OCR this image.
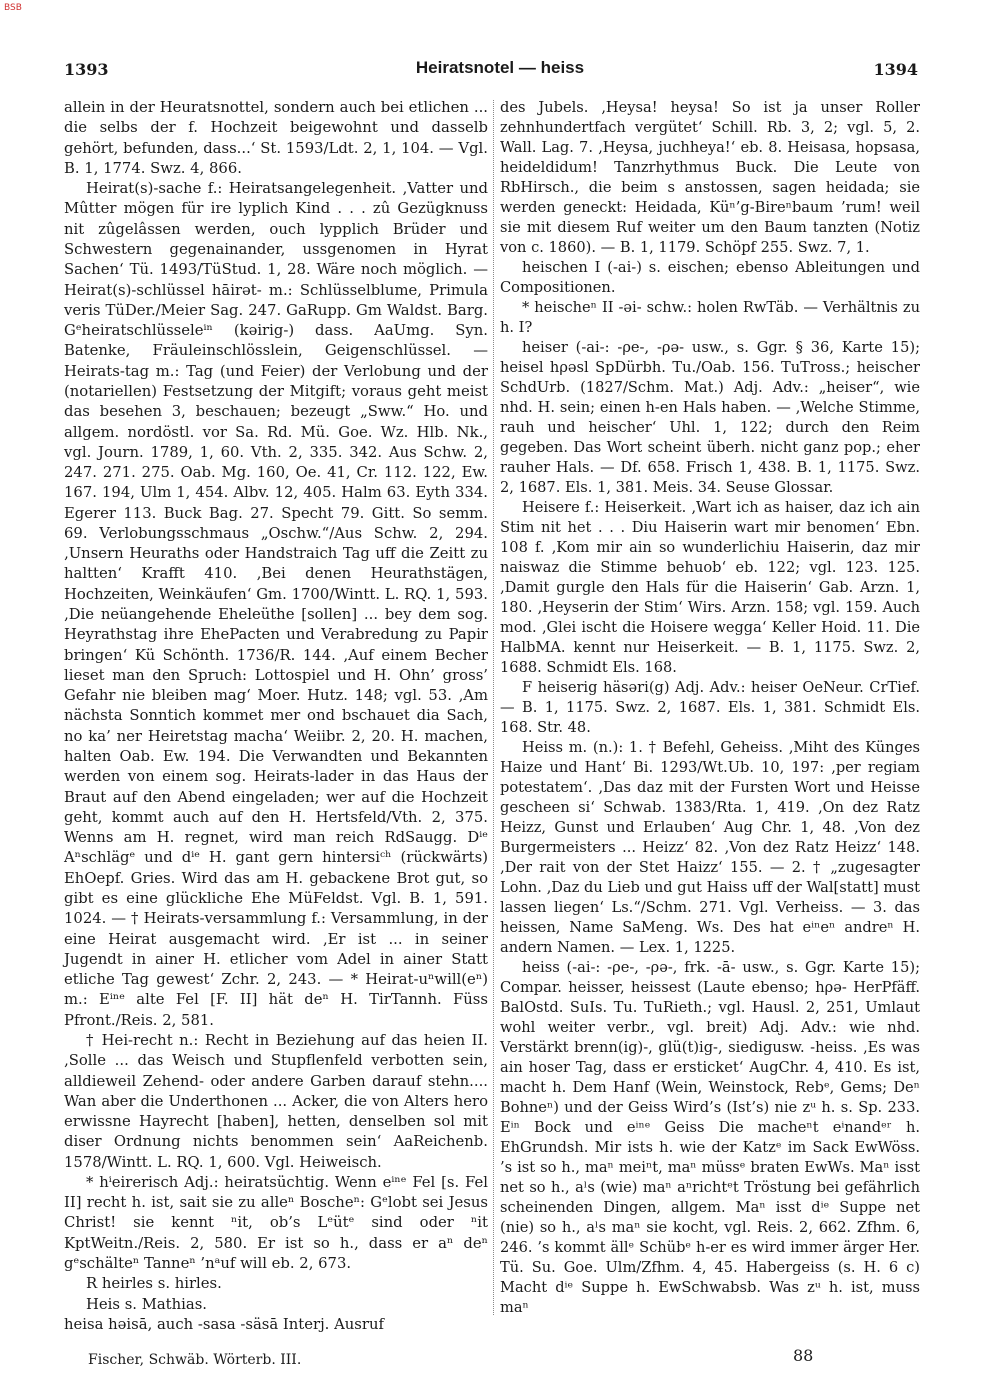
BSB
1393	Heiratsnotel — heiss	1394

allein in der Heuratsnottel, sondern auch bei etlichen ... die selbs der f. Hochzeit beigewohnt und dasselb gehört, befunden, dass...‘ St. 1593/Ldt. 2, 1, 104. — Vgl. B. 1, 1774. Swz. 4, 866.

Heirat(s)-sache f.: Heiratsangelegenheit. ‚Vatter und Mûtter mögen für ire lyplich Kind . . . zû Gezügknuss nit zûgelâssen werden, ouch lypplich Brüder und Schwestern gegenainander, ussgenomen in Hyrat Sachen‘ Tü. 1493/TüStud. 1, 28. Wäre noch möglich. — Heirat(s)-schlüssel hāirət- m.: Schlüsselblume, Primula veris TüDer./Meier Sag. 247. GaRupp. Gm Waldst. Barg. Gᵉheiratschlüsseleⁱⁿ (kəirig-) dass. AaUmg. Syn. Batenke, Fräuleinschlösslein, Geigenschlüssel. — Heirats-tag m.: Tag (und Feier) der Verlobung und der (notariellen) Festsetzung der Mitgift; voraus geht meist das besehen 3, beschauen; bezeugt „Sww.“ Ho. und allgem. nordöstl. vor Sa. Rd. Mü. Goe. Wz. Hlb. Nk., vgl. Journ. 1789, 1, 60. Vth. 2, 335. 342. Aus Schw. 2, 247. 271. 275. Oab. Mg. 160, Oe. 41, Cr. 112. 122, Ew. 167. 194, Ulm 1, 454. Albv. 12, 405. Halm 63. Eyth 334. Egerer 113. Buck Bag. 27. Specht 79. Gitt. So semm. 69. Verlobungsschmaus „Oschw.“/Aus Schw. 2, 294. ‚Unsern Heuraths oder Handstraich Tag uff die Zeitt zu haltten‘ Krafft 410. ‚Bei denen Heurathstägen, Hochzeiten, Weinkäufen‘ Gm. 1700/Wintt. L. RQ. 1, 593. ‚Die neüangehende Eheleüthe [sollen] ... bey dem sog. Heyrathstag ihre EhePacten und Verabredung zu Papir bringen‘ Kü Schönth. 1736/R. 144. ‚Auf einem Becher lieset man den Spruch: Lottospiel und H. Ohn’ gross’ Gefahr nie bleiben mag‘ Moer. Hutz. 148; vgl. 53. ‚Am nächsta Sonntich kommet mer ond bschauet dia Sach, no ka’ ner Heiretstag macha‘ Weiibr. 2, 20. H. machen, halten Oab. Ew. 194. Die Verwandten und Bekannten werden von einem sog. Heirats-lader in das Haus der Braut auf den Abend eingeladen; wer auf die Hochzeit geht, kommt auch auf den H. Hertsfeld/Vth. 2, 375. Wenns am H. regnet, wird man reich RdSaugg. Dⁱᵉ Aⁿschlägᵉ und dⁱᵉ H. gant gern hintersiᶜʰ (rückwärts) EhOepf. Gries. Wird das am H. gebackene Brot gut, so gibt es eine glückliche Ehe MüFeldst. Vgl. B. 1, 591. 1024. — † Heirats-versammlung f.: Versammlung, in der eine Heirat ausgemacht wird. ‚Er ist ... in seiner Jugendt in ainer H. etlicher vom Adel in ainer Statt etliche Tag gewest‘ Zchr. 2, 243. — * Heirat-uⁿwill(eⁿ) m.: Eⁱⁿᵉ alte Fel [F. II] hät deⁿ H. TirTannh. Füss Pfront./Reis. 2, 581.

† Hei-recht n.: Recht in Beziehung auf das heien II. ‚Solle ... das Weisch und Stupflenfeld verbotten sein, alldieweil Zehend- oder andere Garben darauf stehn.... Wan aber die Underthonen ... Acker, die von Alters hero erwissne Hayrecht [haben], hetten, denselben sol mit diser Ordnung nichts benommen sein‘ AaReichenb. 1578/Wintt. L. RQ. 1, 600. Vgl. Heiweisch.

* hⁱeirerisch Adj.: heiratsüchtig. Wenn eⁱⁿᵉ Fel [s. Fel II] recht h. ist, sait sie zu alleⁿ Boscheⁿ: Gᵉlobt sei Jesus Christ! sie kennt ⁿit, ob’s Lᵉütᵉ sind oder ⁿit KptWeitn./Reis. 2, 580. Er ist so h., dass er aⁿ deⁿ gᵉschälteⁿ Tanneⁿ ’nᵃuf will eb. 2, 673.

R heirles s. hirles.

Heis s. Mathias.

heisa həisā, auch -sasa -säsā Interj. Ausruf

des Jubels. ‚Heysa! heysa! So ist ja unser Roller zehnhundertfach vergütet‘ Schill. Rb. 3, 2; vgl. 5, 2. Wall. Lag. 7. ‚Heysa, juchheya!‘ eb. 8. Heisasa, hopsasa, heideldidum! Tanzrhythmus Buck. Die Leute von RbHirsch., die beim s anstossen, sagen heidada; sie werden geneckt: Heidada, Küⁿ’g-Bireⁿbaum ’rum! weil sie mit diesem Ruf weiter um den Baum tanzten (Notiz von c. 1860). — B. 1, 1179. Schöpf 255. Swz. 7, 1.

heischen I (-ai-) s. eischen; ebenso Ableitungen und Compositionen.

* heischeⁿ II -əi- schw.: holen RwTäb. — Verhältnis zu h. I?

heiser (-ai-: -ρe-, -ρə- usw., s. Ggr. § 36, Karte 15); heisel hρəsl SpDürbh. Tu./Oab. 156. TuTross.; heischer SchdUrb. (1827/Schm. Mat.) Adj. Adv.: „heiser“, wie nhd. H. sein; einen h-en Hals haben. — ‚Welche Stimme, rauh und heischer‘ Uhl. 1, 122; durch den Reim gegeben. Das Wort scheint überh. nicht ganz pop.; eher rauher Hals. — Df. 658. Frisch 1, 438. B. 1, 1175. Swz. 2, 1687. Els. 1, 381. Meis. 34. Seuse Glossar.

Heisere f.: Heiserkeit. ‚Wart ich as haiser, daz ich ain Stim nit het . . . Diu Haiserin wart mir benomen‘ Ebn. 108 f. ‚Kom mir ain so wunderlichiu Haiserin, daz mir naiswaz die Stimme behuob‘ eb. 122; vgl. 123. 125. ‚Damit gurgle den Hals für die Haiserin‘ Gab. Arzn. 1, 180. ‚Heyserin der Stim‘ Wirs. Arzn. 158; vgl. 159. Auch mod. ‚Glei ischt die Hoisere wegga‘ Keller Hoid. 11. Die HalbMA. kennt nur Heiserkeit. — B. 1, 1175. Swz. 2, 1688. Schmidt Els. 168.

F heiserig häsəri(g) Adj. Adv.: heiser OeNeur. CrTief. — B. 1, 1175. Swz. 2, 1687. Els. 1, 381. Schmidt Els. 168. Str. 48.

Heiss m. (n.): 1. † Befehl, Geheiss. ‚Miht des Künges Haize und Hant‘ Bi. 1293/Wt.Ub. 10, 197: ‚per regiam potestatem‘. ‚Das daz mit der Fursten Wort und Heisse gescheen si‘ Schwab. 1383/Rta. 1, 419. ‚On dez Ratz Heizz, Gunst und Erlauben‘ Aug Chr. 1, 48. ‚Von dez Burgermeisters ... Heizz‘ 82. ‚Von dez Ratz Heizz‘ 148. ‚Der rait von der Stet Haizz‘ 155. — 2. † „zugesagter Lohn. ‚Daz du Lieb und gut Haiss uff der Wal[statt] must lassen liegen‘ Ls.“/Schm. 271. Vgl. Verheiss. — 3. das heissen, Name SaMeng. Ws. Des hat eⁱⁿeⁿ andreⁿ H. andern Namen. — Lex. 1, 1225.

heiss (-ai-: -ρe-, -ρə-, frk. -ā- usw., s. Ggr. Karte 15); Compar. heisser, heissest (Laute ebenso; hρə- HerPfäff. BalOstd. SuIs. Tu. TuRieth.; vgl. Hausl. 2, 251, Umlaut wohl weiter verbr., vgl. breit) Adj. Adv.: wie nhd. Verstärkt brenn(ig)-, glü(t)ig-, siedigusw. -heiss. ‚Es was ain hoser Tag, dass er ersticket‘ AugChr. 4, 410. Es ist, macht h. Dem Hanf (Wein, Weinstock, Rebᵉ, Gems; Deⁿ Bohneⁿ) und der Geiss Wird’s (Ist’s) nie zᵘ h. s. Sp. 233. Eⁱⁿ Bock und eⁱⁿᵉ Geiss Die macheⁿt eⁱnandᵉʳ h. EhGrundsh. Mir ists h. wie der Katzᵉ im Sack EwWöss. ’s ist so h., maⁿ meiⁿt, maⁿ müssᵉ braten EwWs. Maⁿ isst net so h., aˡs (wie) maⁿ aⁿrichtᵉt Tröstung bei gefährlich scheinenden Dingen, allgem. Maⁿ isst dⁱᵉ Suppe net (nie) so h., aˡs maⁿ sie kocht, vgl. Reis. 2, 662. Zfhm. 6, 246. ’s kommt ällᵉ Schübᵉ h-er es wird immer ärger Her. Tü. Su. Goe. Ulm/Zfhm. 4, 45. Habergeiss (s. H. 6 c) Macht dⁱᵉ Suppe h. EwSchwabsb. Was zᵘ h. ist, muss maⁿ

Fischer, Schwäb. Wörterb. III.	88
